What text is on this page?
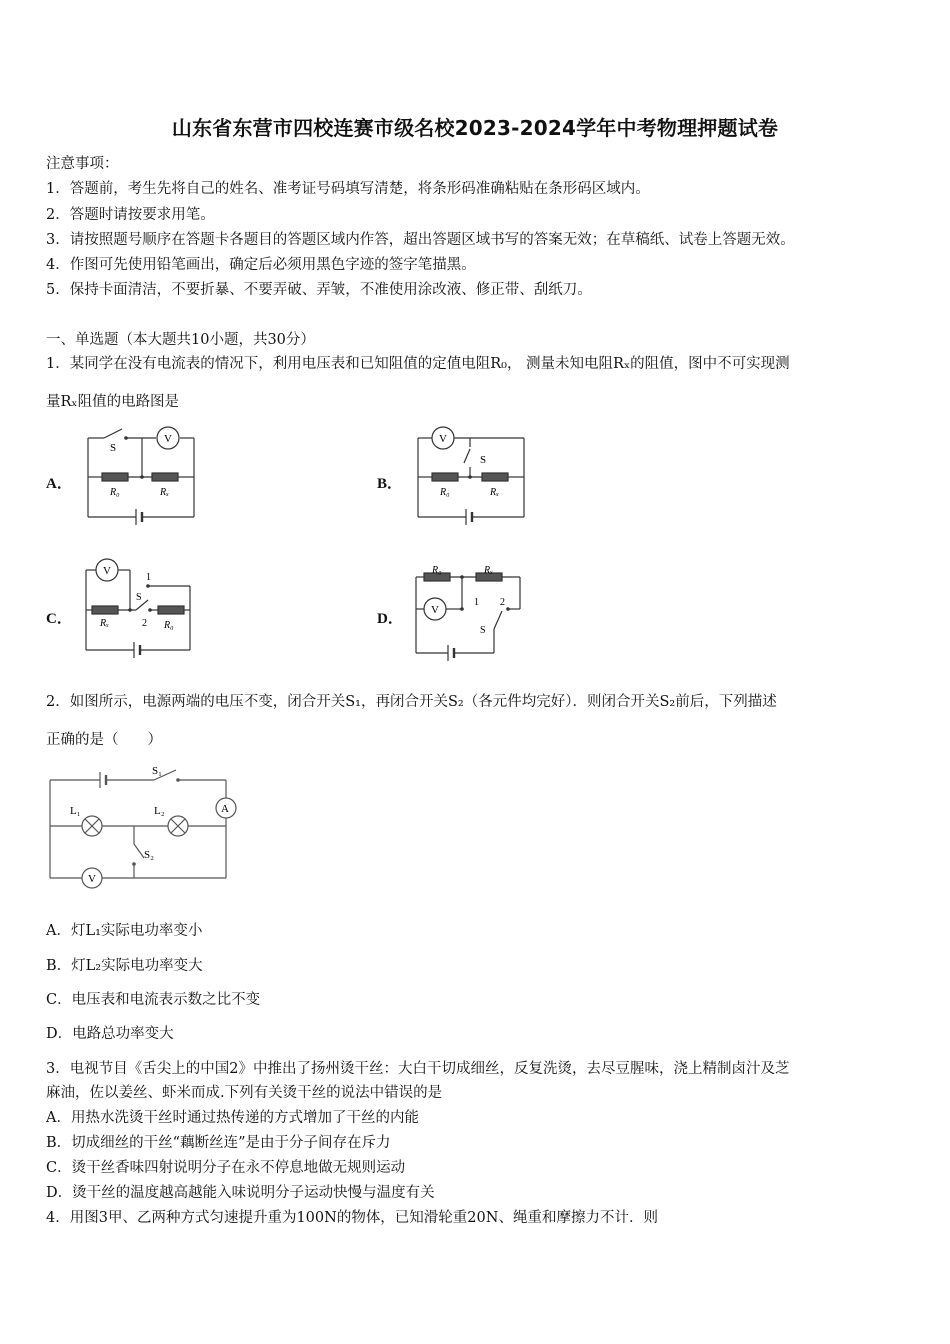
山东省东营市四校连赛市级名校2023-2024学年中考物理押题试卷
注意事项：
1．答题前，考生先将自己的姓名、准考证号码填写清楚，将条形码准确粘贴在条形码区域内。
2．答题时请按要求用笔。
3．请按照题号顺序在答题卡各题目的答题区域内作答，超出答题区域书写的答案无效；在草稿纸、试卷上答题无效。
4．作图可先使用铅笔画出，确定后必须用黑色字迹的签字笔描黑。
5．保持卡面清洁，不要折暴、不要弄破、弄皱，不准使用涂改液、修正带、刮纸刀。
一、单选题（本大题共10小题，共30分）
1．某同学在没有电流表的情况下，利用电压表和已知阻值的定值电阻R₀， 测量未知电阻Rₓ的阻值，图中不可实现测
量Rₓ阻值的电路图是
A．	B．
C．	D．
S
V
R₀	Rₓ
V
S
R₀	Rₓ
V
1
S
2
Rₓ	R₀
R₀	Rₓ
V
1 2
S
2．如图所示，电源两端的电压不变，闭合开关S₁，再闭合开关S₂（各元件均完好）．则闭合开关S₂前后，下列描述
正确的是（　　）
S₁
L₁	L₂
S₂
A
V
A．灯L₁实际电功率变小
B．灯L₂实际电功率变大
C．电压表和电流表示数之比不变
D．电路总功率变大
3．电视节目《舌尖上的中国2》中推出了扬州烫干丝：大白干切成细丝，反复洗烫，去尽豆腥味，浇上精制卤汁及芝
麻油，佐以姜丝、虾米而成.下列有关烫干丝的说法中错误的是
A．用热水洗烫干丝时通过热传递的方式增加了干丝的内能
B．切成细丝的干丝“藕断丝连”是由于分子间存在斥力
C．烫干丝香味四射说明分子在永不停息地做无规则运动
D．烫干丝的温度越高越能入味说明分子运动快慢与温度有关
4．用图3甲、乙两种方式匀速提升重为100N的物体，已知滑轮重20N、绳重和摩擦力不计．则
